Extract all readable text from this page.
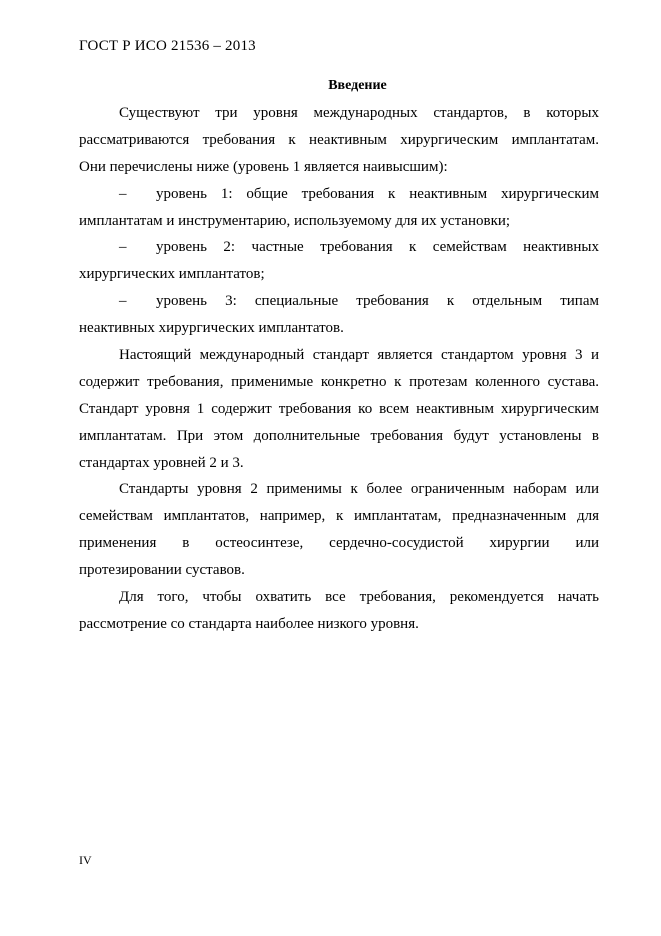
ГОСТ Р ИСО 21536 – 2013
Введение
Существуют три уровня международных стандартов, в которых
рассматриваются требования к неактивным хирургическим имплантатам.
Они перечислены ниже (уровень 1 является наивысшим):
–	уровень 1: общие требования к неактивным хирургическим
имплантатам и инструментарию, используемому для их установки;
–	уровень 2: частные требования к семействам неактивных
хирургических имплантатов;
–	уровень 3: специальные требования к отдельным типам
неактивных хирургических имплантатов.
Настоящий международный стандарт является стандартом уровня 3 и
содержит требования, применимые конкретно к протезам коленного сустава.
Стандарт уровня 1 содержит требования ко всем неактивным хирургическим
имплантатам. При этом дополнительные требования будут установлены в
стандартах уровней 2 и 3.
Стандарты уровня 2 применимы к более ограниченным наборам или
семействам имплантатов, например, к имплантатам, предназначенным для
применения в остеосинтезе, сердечно-сосудистой хирургии или
протезировании суставов.
Для того, чтобы охватить все требования, рекомендуется начать
рассмотрение со стандарта наиболее низкого уровня.
IV
